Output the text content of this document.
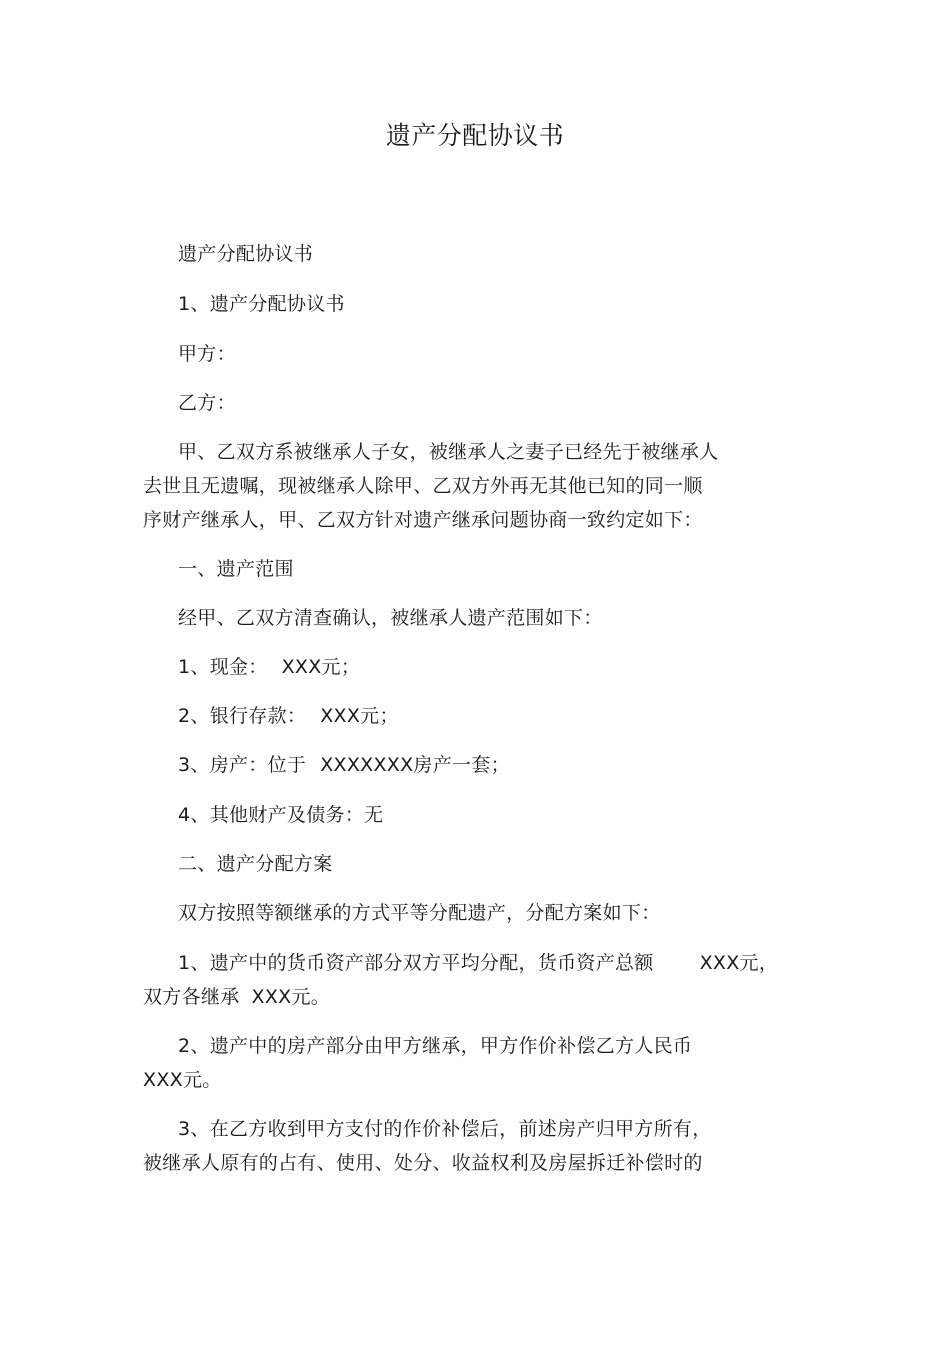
遗产分配协议书
遗产分配协议书
1、遗产分配协议书
甲方：
乙方：
甲、乙双方系被继承人子女，被继承人之妻子已经先于被继承人
去世且无遗嘱，现被继承人除甲、乙双方外再无其他已知的同一顺
序财产继承人，甲、乙双方针对遗产继承问题协商一致约定如下：
一、遗产范围
经甲、乙双方清查确认，被继承人遗产范围如下：
1、现金： XXX元；
2、银行存款： XXX元；
3、房产：位于 XXXXXXX房产一套；
4、其他财产及债务：无
二、遗产分配方案
双方按照等额继承的方式平等分配遗产，分配方案如下：
1、遗产中的货币资产部分双方平均分配，货币资产总额 XXX元，
双方各继承 XXX元。
2、遗产中的房产部分由甲方继承，甲方作价补偿乙方人民币
XXX元。
3、在乙方收到甲方支付的作价补偿后，前述房产归甲方所有，
被继承人原有的占有、使用、处分、收益权利及房屋拆迁补偿时的
